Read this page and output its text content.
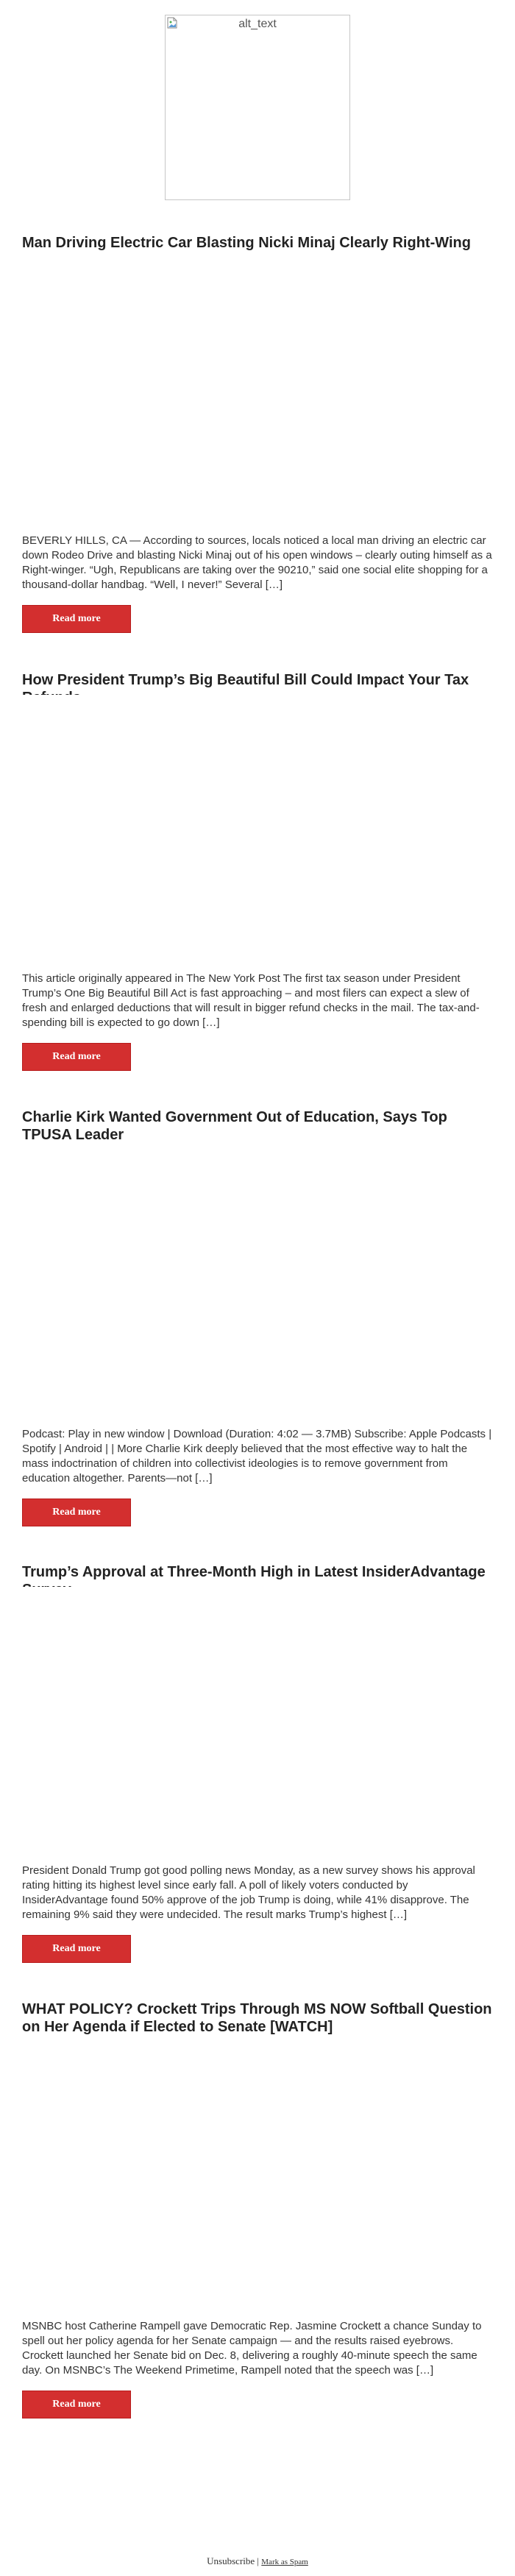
alt_text
Man Driving Electric Car Blasting Nicki Minaj Clearly Right-Wing

BEVERLY HILLS, CA — According to sources, locals noticed a local man driving an electric car down Rodeo Drive and blasting Nicki Minaj out of his open windows – clearly outing himself as a Right-winger. “Ugh, Republicans are taking over the 90210,” said one social elite shopping for a thousand-dollar handbag. “Well, I never!” Several […]

Read more
How President Trump’s Big Beautiful Bill Could Impact Your Tax

This article originally appeared in The New York Post The first tax season under President Trump’s One Big Beautiful Bill Act is fast approaching – and most filers can expect a slew of fresh and enlarged deductions that will result in bigger refund checks in the mail. The tax-and-spending bill is expected to go down […]

Read more
Charlie Kirk Wanted Government Out of Education, Says Top TPUSA Leader

Podcast: Play in new window | Download (Duration: 4:02 — 3.7MB) Subscribe: Apple Podcasts | Spotify | Android | | More Charlie Kirk deeply believed that the most effective way to halt the mass indoctrination of children into collectivist ideologies is to remove government from education altogether. Parents—not […]

Read more
Trump’s Approval at Three-Month High in Latest InsiderAdvantage

President Donald Trump got good polling news Monday, as a new survey shows his approval rating hitting its highest level since early fall. A poll of likely voters conducted by InsiderAdvantage found 50% approve of the job Trump is doing, while 41% disapprove. The remaining 9% said they were undecided. The result marks Trump’s highest […]

Read more
WHAT POLICY? Crockett Trips Through MS NOW Softball Question on Her Agenda if Elected to Senate [WATCH]

MSNBC host Catherine Rampell gave Democratic Rep. Jasmine Crockett a chance Sunday to spell out her policy agenda for her Senate campaign — and the results raised eyebrows. Crockett launched her Senate bid on Dec. 8, delivering a roughly 40-minute speech the same day. On MSNBC’s The Weekend Primetime, Rampell noted that the speech was […]

Read more
Unsubscribe | Mark as Spam
